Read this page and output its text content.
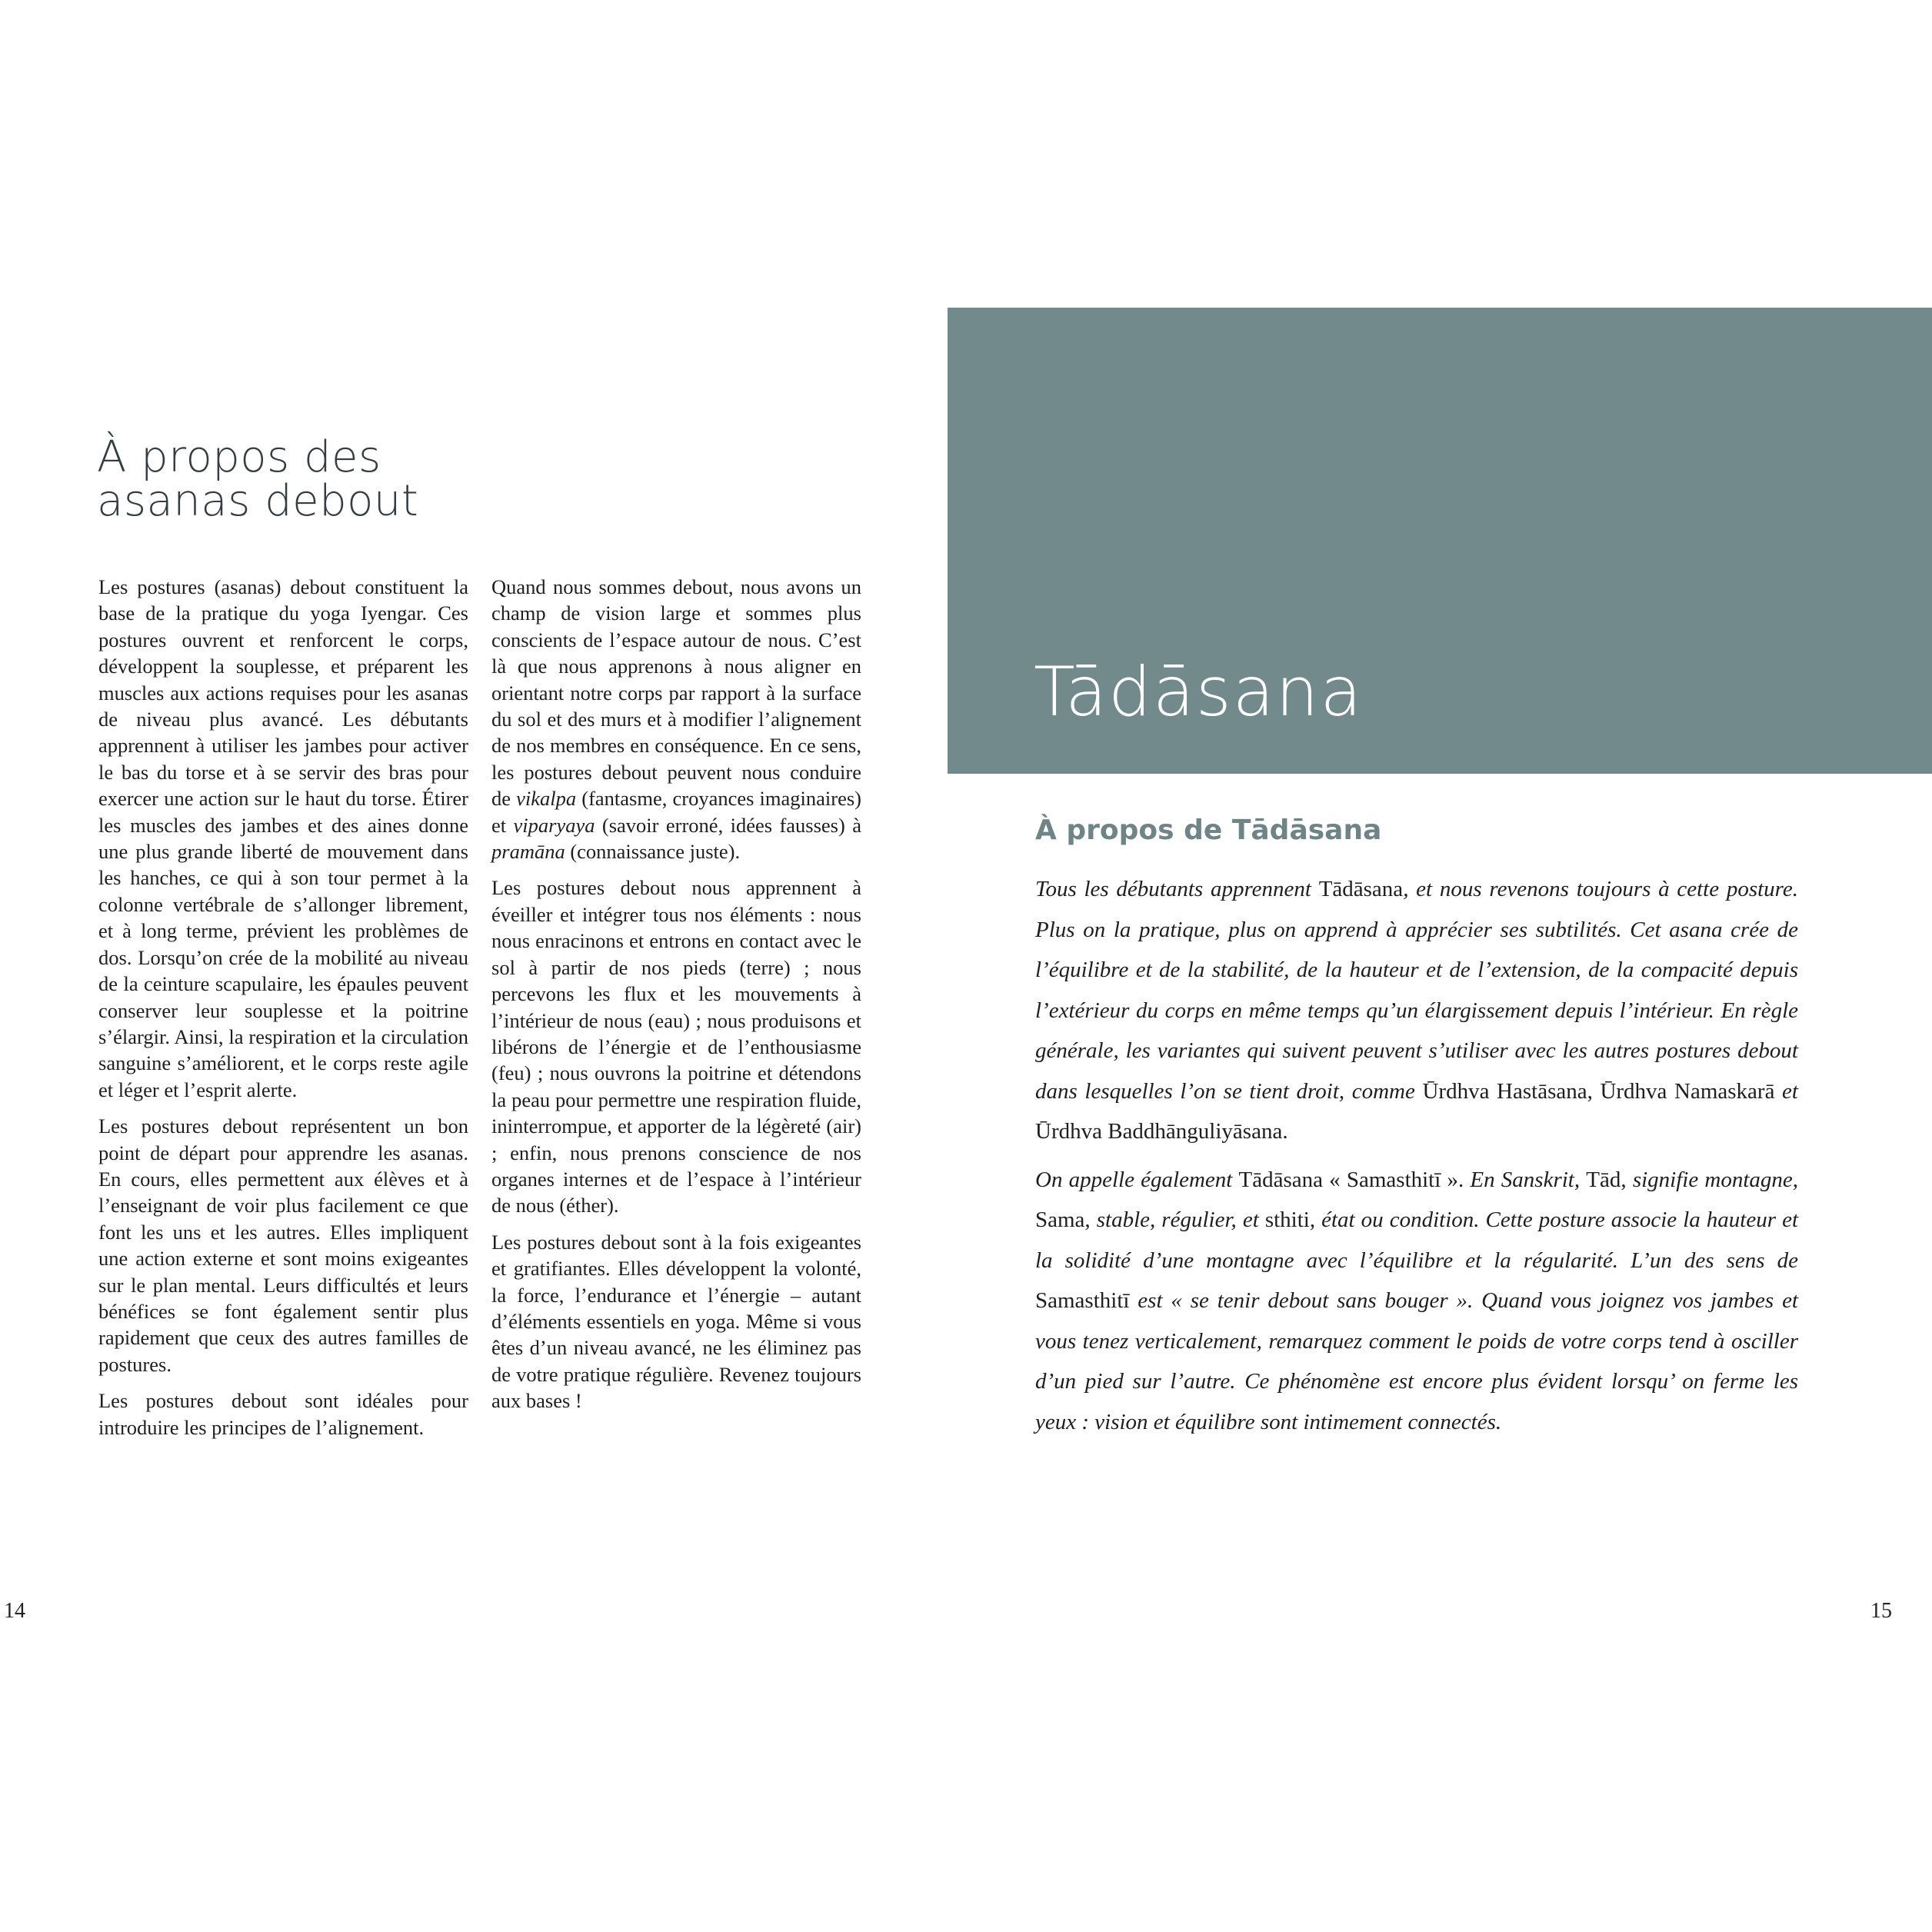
À propos des
asanas debout

Les postures (asanas) debout constituent la base de la pratique du yoga Iyengar. Ces postures ouvrent et renforcent le corps, développent la souplesse, et préparent les muscles aux actions requises pour les asanas de niveau plus avancé. Les débutants apprennent à utiliser les jambes pour activer le bas du torse et à se servir des bras pour exercer une action sur le haut du torse. Étirer les muscles des jambes et des aines donne une plus grande liberté de mouvement dans les hanches, ce qui à son tour permet à la colonne vertébrale de s’allonger librement, et à long terme, prévient les problèmes de dos. Lorsqu’on crée de la mobilité au niveau de la ceinture scapulaire, les épaules peuvent conserver leur souplesse et la poitrine s’élargir. Ainsi, la respiration et la circulation sanguine s’améliorent, et le corps reste agile et léger et l’esprit alerte.

Les postures debout représentent un bon point de départ pour apprendre les asanas. En cours, elles permettent aux élèves et à l’enseignant de voir plus facilement ce que font les uns et les autres. Elles impliquent une action externe et sont moins exigeantes sur le plan mental. Leurs difficultés et leurs bénéfices se font également sentir plus rapidement que ceux des autres familles de postures.

Les postures debout sont idéales pour introduire les principes de l’alignement.

Quand nous sommes debout, nous avons un champ de vision large et sommes plus conscients de l’espace autour de nous. C’est là que nous apprenons à nous aligner en orientant notre corps par rapport à la surface du sol et des murs et à modifier l’alignement de nos membres en conséquence. En ce sens, les postures debout peuvent nous conduire de vikalpa (fantasme, croyances imaginaires) et viparyaya (savoir erroné, idées fausses) à pramāna (connaissance juste).

Les postures debout nous apprennent à éveiller et intégrer tous nos éléments : nous nous enracinons et entrons en contact avec le sol à partir de nos pieds (terre) ; nous percevons les flux et les mouvements à l’intérieur de nous (eau) ; nous produisons et libérons de l’énergie et de l’enthousiasme (feu) ; nous ouvrons la poitrine et détendons la peau pour permettre une respiration fluide, ininterrompue, et apporter de la légèreté (air) ; enfin, nous prenons conscience de nos organes internes et de l’espace à l’intérieur de nous (éther).

Les postures debout sont à la fois exigeantes et gratifiantes. Elles développent la volonté, la force, l’endurance et l’énergie – autant d’éléments essentiels en yoga. Même si vous êtes d’un niveau avancé, ne les éliminez pas de votre pratique régulière. Revenez toujours aux bases !

14
Tādāsana
À propos de Tādāsana

Tous les débutants apprennent Tādāsana, et nous revenons toujours à cette posture. Plus on la pratique, plus on apprend à apprécier ses subtilités. Cet asana crée de l’équilibre et de la stabilité, de la hauteur et de l’extension, de la compacité depuis l’extérieur du corps en même temps qu’un élargissement depuis l’intérieur. En règle générale, les variantes qui suivent peuvent s’utiliser avec les autres postures debout dans lesquelles l’on se tient droit, comme Ūrdhva Hastāsana, Ūrdhva Namaskarā et Ūrdhva Baddhānguliyāsana.

On appelle également Tādāsana « Samasthitī ». En Sanskrit, Tād, signifie montagne, Sama, stable, régulier, et sthiti, état ou condition. Cette posture associe la hauteur et la solidité d’une montagne avec l’équilibre et la régularité. L’un des sens de Samasthitī est « se tenir debout sans bouger ». Quand vous joignez vos jambes et vous tenez verticalement, remarquez comment le poids de votre corps tend à osciller d’un pied sur l’autre. Ce phénomène est encore plus évident lorsqu’ on ferme les yeux : vision et équilibre sont intimement connectés.

15
